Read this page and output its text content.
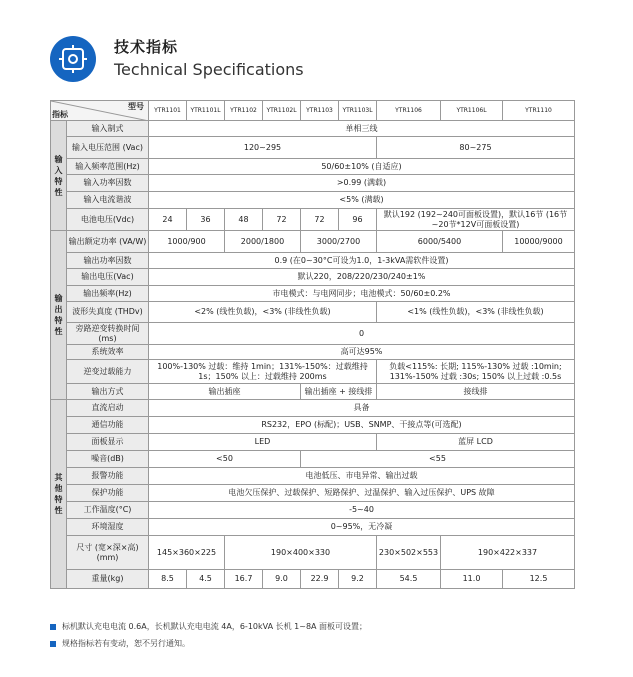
技术指标
Technical Specifications
型号
指标		YTR1101	YTR1101L	YTR1102	YTR1102L	YTR1103	YTR1103L	YTR1106	YTR1106L	YTR1110
输入特性	输入制式	单相三线								
	输入电压范围 (Vac)	120~295						80~275		
	输入频率范围(Hz)	50/60±10% (自适应)								
	输入功率因数	>0.99 (满载)								
	输入电流谐波	<5% (满载)								
	电池电压(Vdc)	24	36	48	72	72	96	默认192 (192~240可面板设置)，默认16节 (16节~20节*12V可面板设置)		
输出特性	输出额定功率 (VA/W)	1000/900		2000/1800		3000/2700		6000/5400		10000/9000
	输出功率因数	0.9 (在0~30°C可设为1.0，1-3kVA需软件设置)								
	输出电压(Vac)	默认220，208/220/230/240±1%								
	输出频率(Hz)	市电模式：与电网同步；电池模式：50/60±0.2%								
	波形失真度 (THDv)	<2% (线性负载)，<3% (非线性负载)						<1% (线性负载)，<3% (非线性负载)		
	旁路逆变转换时间 (ms)	0								
	系统效率	高可达95%								
	逆变过载能力	100%-130% 过载：维持 1min；131%-150%：过载维持 1s；150% 以上：过载维持 200ms						负载<115%: 长期; 115%-130% 过载 :10min; 131%-150% 过载 :30s; 150% 以上过载 :0.5s		
	输出方式	输出插座				输出插座 + 接线排		接线排		
其他特性	直流启动	具备								
	通信功能	RS232，EPO (标配)；USB、SNMP、干接点等(可选配)								
	面板显示	LED						蓝屏 LCD		
	噪音(dB)	<50				<55				
	报警功能	电池低压、市电异常、输出过载								
	保护功能	电池欠压保护、过载保护、短路保护、过温保护、输入过压保护、UPS 故障								
	工作温度(°C)	-5~40								
	环境湿度	0~95%，无冷凝								
	尺寸 (宽×深×高) (mm)	145×360×225		190×400×330				230×502×553	190×422×337	
	重量(kg)	8.5	4.5	16.7	9.0	22.9	9.2	54.5	11.0	12.5
标机默认充电电流 0.6A，长机默认充电电流 4A，6-10kVA 长机 1~8A 面板可设置；
规格指标若有变动，恕不另行通知。
